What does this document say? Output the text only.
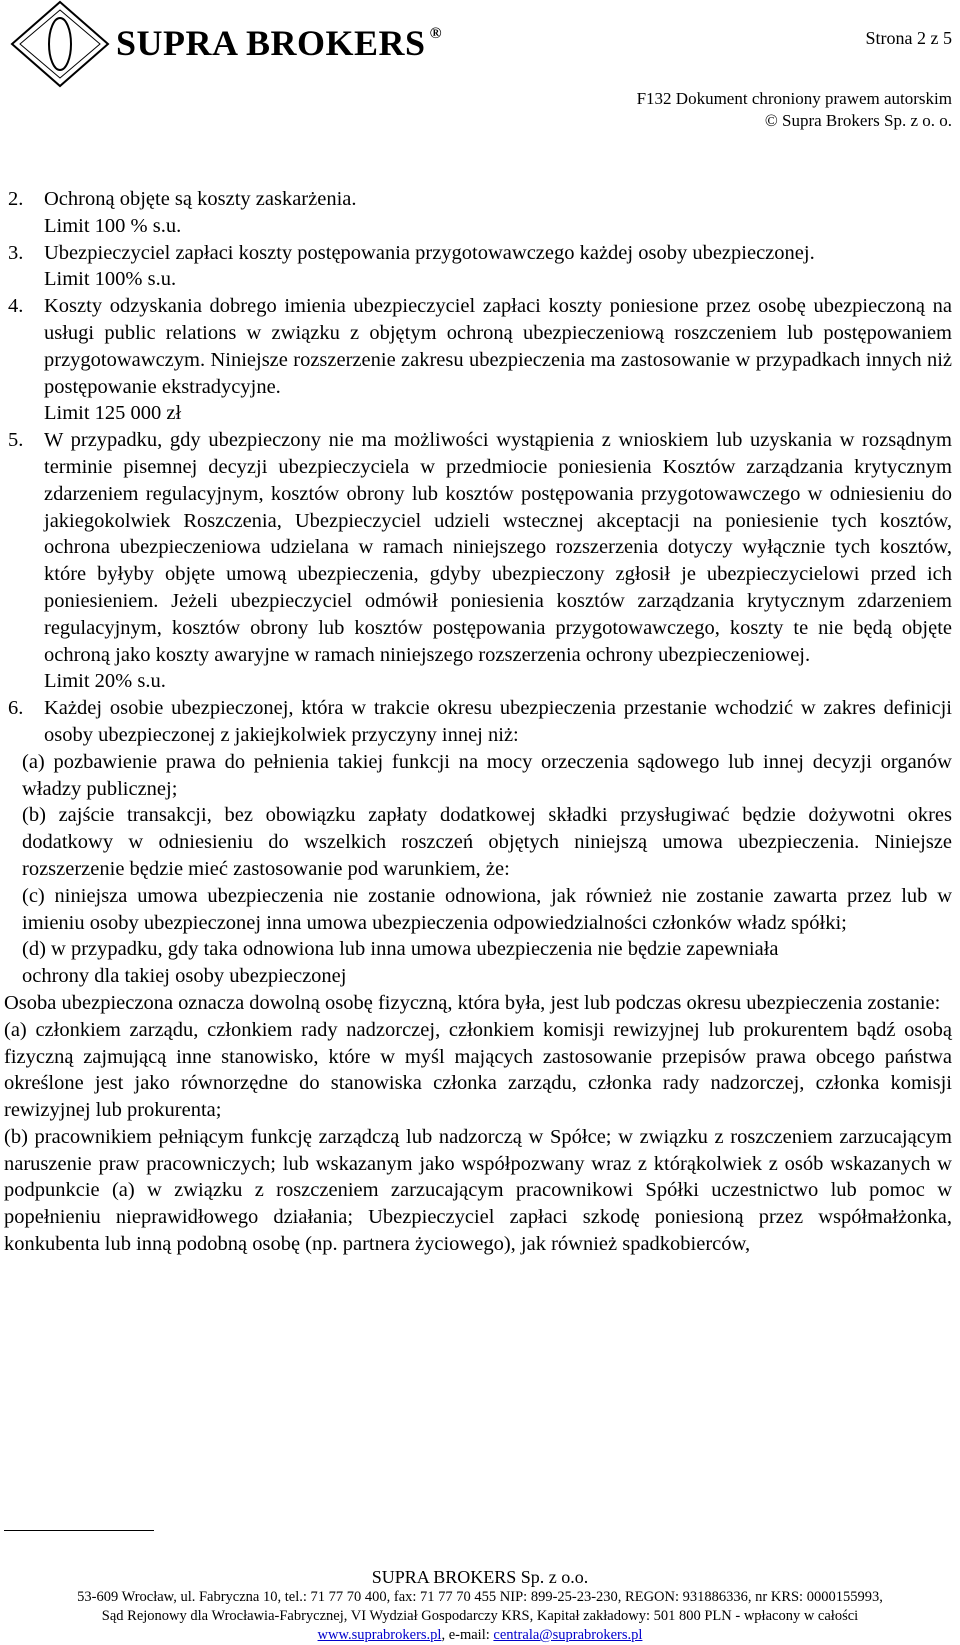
SUPRA BROKERS ®	Strona 2 z 5
F132 Dokument chroniony prawem autorskim
© Supra Brokers Sp. z o. o.
2. Ochroną objęte są koszty zaskarżenia.

Limit 100 % s.u.

3. Ubezpieczyciel zapłaci koszty postępowania przygotowawczego każdej osoby ubezpieczonej.

Limit 100% s.u.

4. Koszty odzyskania dobrego imienia ubezpieczyciel zapłaci koszty poniesione przez osobę ubezpieczoną na usługi public relations w związku z objętym ochroną ubezpieczeniową roszczeniem lub postępowaniem przygotowawczym. Niniejsze rozszerzenie zakresu ubezpieczenia ma zastosowanie w przypadkach innych niż postępowanie ekstradycyjne.

Limit 125 000 zł

5. W przypadku, gdy ubezpieczony nie ma możliwości wystąpienia z wnioskiem lub uzyskania w rozsądnym terminie pisemnej decyzji ubezpieczyciela w przedmiocie poniesienia Kosztów zarządzania krytycznym zdarzeniem regulacyjnym, kosztów obrony lub kosztów postępowania przygotowawczego w odniesieniu do jakiegokolwiek Roszczenia, Ubezpieczyciel udzieli wstecznej akceptacji na poniesienie tych kosztów, ochrona ubezpieczeniowa udzielana w ramach niniejszego rozszerzenia dotyczy wyłącznie tych kosztów, które byłyby objęte umową ubezpieczenia, gdyby ubezpieczony zgłosił je ubezpieczycielowi przed ich poniesieniem. Jeżeli ubezpieczyciel odmówił poniesienia kosztów zarządzania krytycznym zdarzeniem regulacyjnym, kosztów obrony lub kosztów postępowania przygotowawczego, koszty te nie będą objęte ochroną jako koszty awaryjne w ramach niniejszego rozszerzenia ochrony ubezpieczeniowej.

Limit 20% s.u.

6. Każdej osobie ubezpieczonej, która w trakcie okresu ubezpieczenia przestanie wchodzić w zakres definicji osoby ubezpieczonej z jakiejkolwiek przyczyny innej niż:

(a) pozbawienie prawa do pełnienia takiej funkcji na mocy orzeczenia sądowego lub innej decyzji organów władzy publicznej;

(b) zajście transakcji, bez obowiązku zapłaty dodatkowej składki przysługiwać będzie dożywotni okres dodatkowy w odniesieniu do wszelkich roszczeń objętych niniejszą umowa ubezpieczenia. Niniejsze rozszerzenie będzie mieć zastosowanie pod warunkiem, że:

(c) niniejsza umowa ubezpieczenia nie zostanie odnowiona, jak również nie zostanie zawarta przez lub w imieniu osoby ubezpieczonej inna umowa ubezpieczenia odpowiedzialności członków władz spółki;

(d) w przypadku, gdy taka odnowiona lub inna umowa ubezpieczenia nie będzie zapewniała

ochrony dla takiej osoby ubezpieczonej

Osoba ubezpieczona oznacza dowolną osobę fizyczną, która była, jest lub podczas okresu ubezpieczenia zostanie:

(a) członkiem zarządu, członkiem rady nadzorczej, członkiem komisji rewizyjnej lub prokurentem bądź osobą fizyczną zajmującą inne stanowisko, które w myśl mających zastosowanie przepisów prawa obcego państwa określone jest jako równorzędne do stanowiska członka zarządu, członka rady nadzorczej, członka komisji rewizyjnej lub prokurenta;

(b) pracownikiem pełniącym funkcję zarządczą lub nadzorczą w Spółce; w związku z roszczeniem zarzucającym naruszenie praw pracowniczych; lub wskazanym jako współpozwany wraz z którąkolwiek z osób wskazanych w podpunkcie (a) w związku z roszczeniem zarzucającym pracownikowi Spółki uczestnictwo lub pomoc w popełnieniu nieprawidłowego działania; Ubezpieczyciel zapłaci szkodę poniesioną przez współmałżonka, konkubenta lub inną podobną osobę (np. partnera życiowego), jak również spadkobierców,

SUPRA BROKERS Sp. z o.o.
53-609 Wrocław, ul. Fabryczna 10, tel.: 71 77 70 400, fax: 71 77 70 455 NIP: 899-25-23-230, REGON: 931886336, nr KRS: 0000155993,
Sąd Rejonowy dla Wrocławia-Fabrycznej, VI Wydział Gospodarczy KRS, Kapitał zakładowy: 501 800 PLN - wpłacony w całości
www.suprabrokers.pl, e-mail: centrala@suprabrokers.pl
